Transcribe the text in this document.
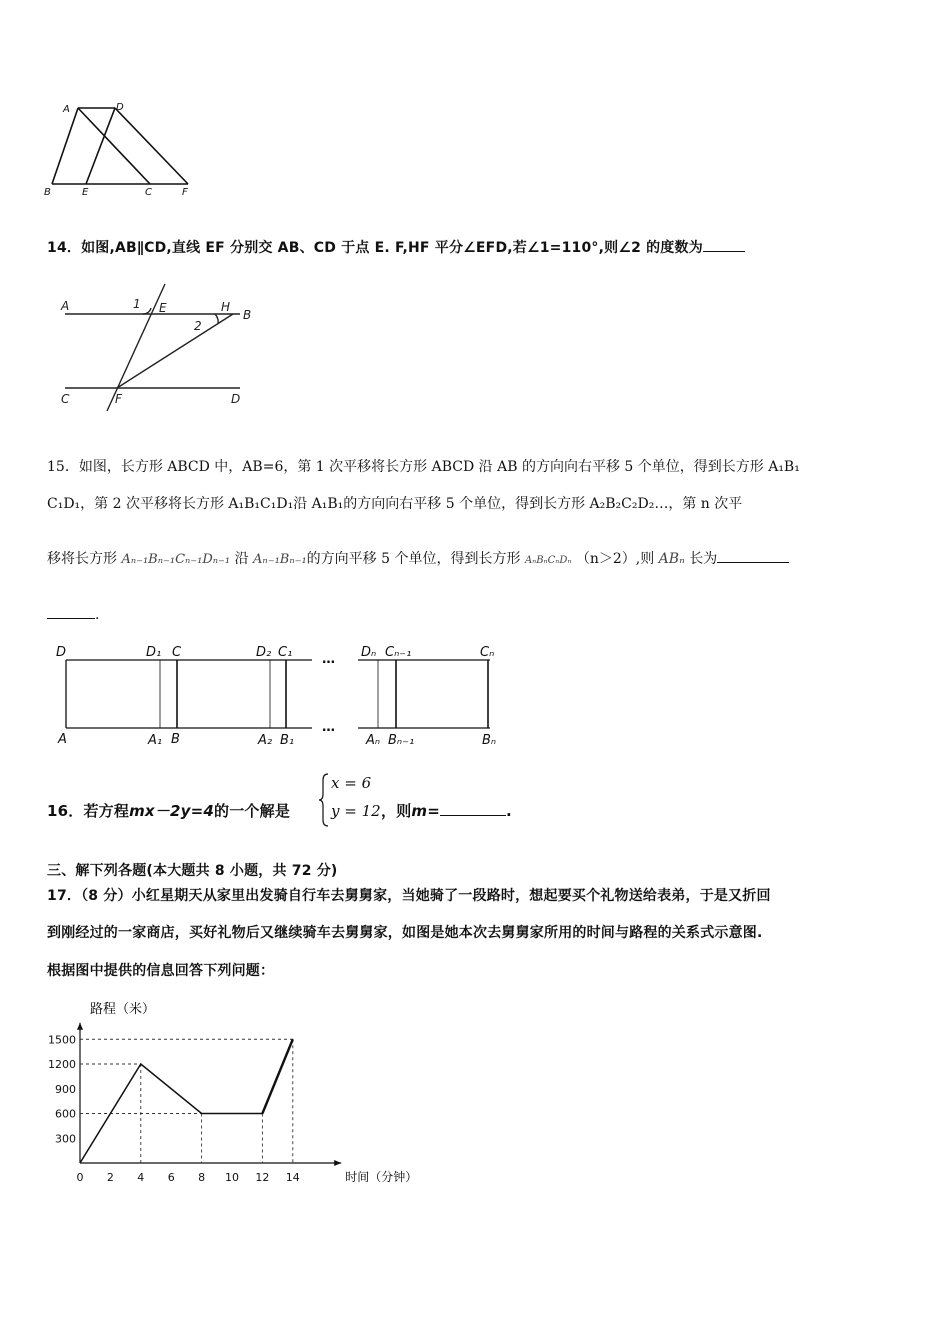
A	D
B	E	C	F
14．如图,AB∥CD,直线 EF 分别交 AB、CD 于点 E. F,HF 平分∠EFD,若∠1=110°,则∠2 的度数为
A	1 E	H
B
2
C	F	D
15．如图，长方形 ABCD 中，AB=6，第 1 次平移将长方形 ABCD 沿 AB 的方向向右平移 5 个单位，得到长方形 A₁B₁
C₁D₁，第 2 次平移将长方形 A₁B₁C₁D₁沿 A₁B₁的方向向右平移 5 个单位，得到长方形 A₂B₂C₂D₂…，第 n 次平
移将长方形 Aₙ₋₁Bₙ₋₁Cₙ₋₁Dₙ₋₁ 沿 Aₙ₋₁Bₙ₋₁的方向平移 5 个单位，得到长方形 AₙBₙCₙDₙ （n＞2）,则 ABₙ 长为
.
D	D₁ C	D₂ C₁ … Dₙ Cₙ₋₁	Cₙ
A	A₁ B	A₂ B₁
…
Aₙ Bₙ₋₁	Bₙ
16．若方程mx－2y=4的一个解是
x = 6
y = 12 ，则m=	.
三、解下列各题(本大题共 8 小题，共 72 分)
17．（8 分）小红星期天从家里出发骑自行车去舅舅家，当她骑了一段路时，想起要买个礼物送给表弟，于是又折回
到刚经过的一家商店，买好礼物后又继续骑车去舅舅家，如图是她本次去舅舅家所用的时间与路程的关系式示意图.
根据图中提供的信息回答下列问题：
300
600
900
1200
1500
0 2 4 6 8 10 12 14
路程（米）
时间（分钟）
